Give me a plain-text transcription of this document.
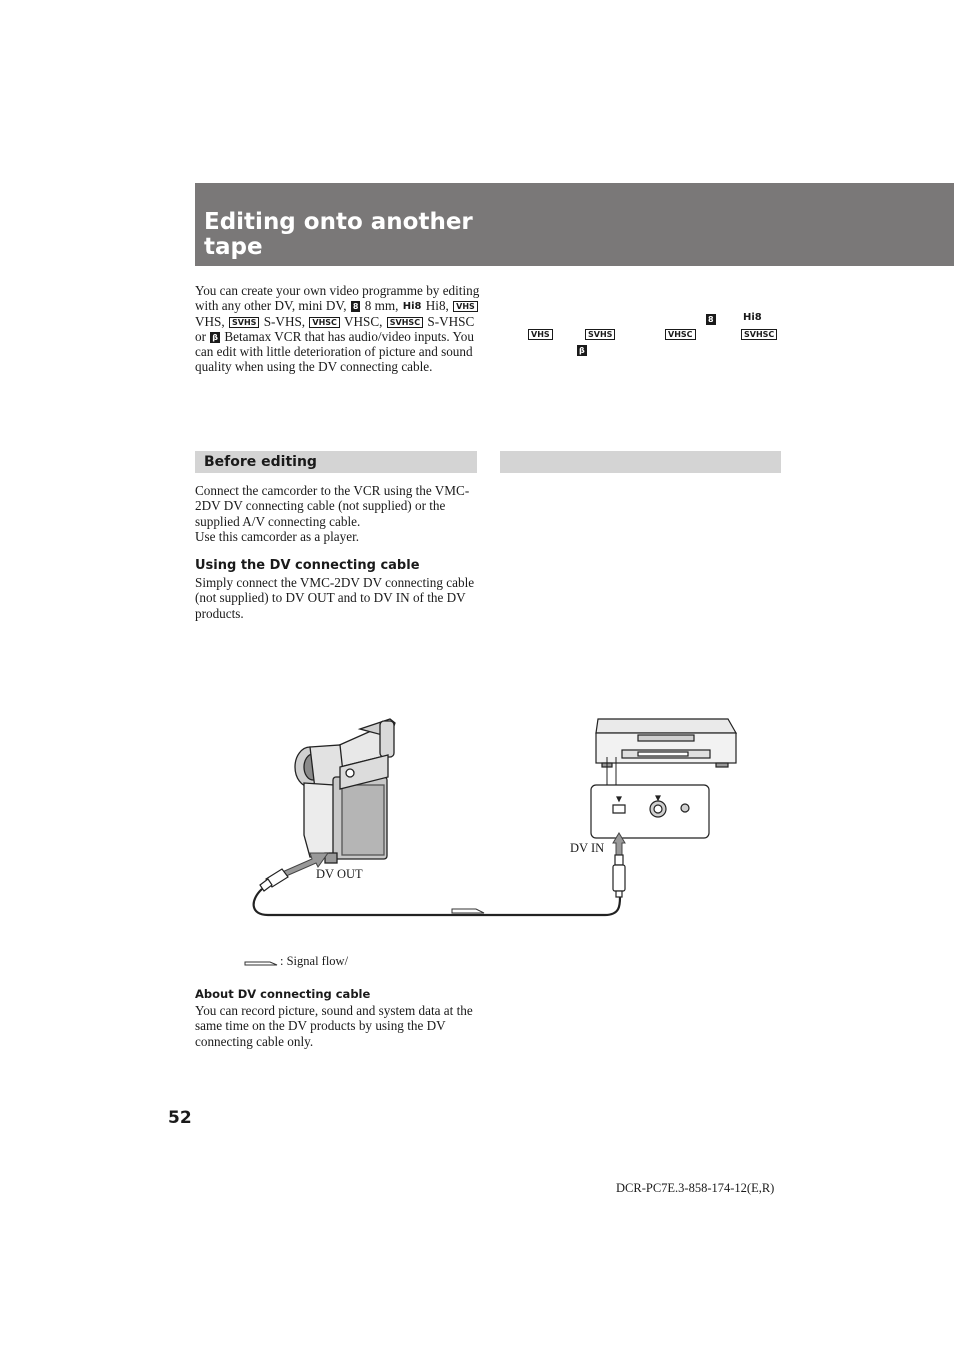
Editing onto another tape

You can create your own video programme by editing with any other DV, mini DV, 8 8 mm, Hi8 Hi8, VHS VHS, SVHS S-VHS, VHSC VHSC, SVHSC S-VHSC or β Betamax VCR that has audio/video inputs. You can edit with little deterioration of picture and sound quality when using the DV connecting cable.

8	Hi8
VHS	SVHS	VHSC	SVHSC
β
Before editing
Connect the camcorder to the VCR using the VMC-2DV DV connecting cable (not supplied) or the supplied A/V connecting cable.
Use this camcorder as a player.
Using the DV connecting cable
Simply connect the VMC-2DV DV connecting cable (not supplied) to DV OUT and to DV IN of the DV products.
DV OUT
DV IN
: Signal flow/
About DV connecting cable
You can record picture, sound and system data at the same time on the DV products by using the DV connecting cable only.
52
DCR-PC7E.3-858-174-12(E,R)
